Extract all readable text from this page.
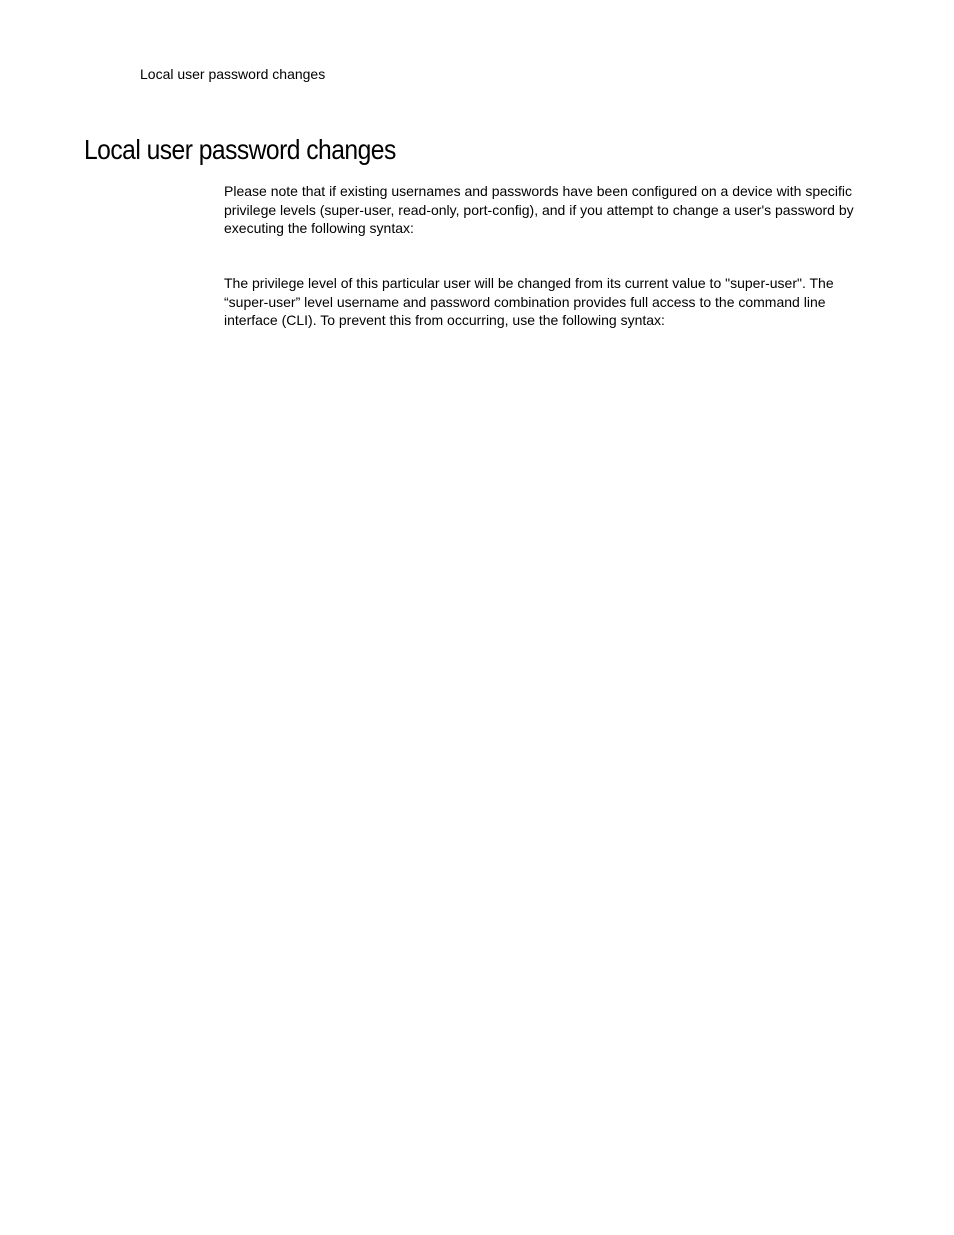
Local user password changes
Local user password changes

Please note that if existing usernames and passwords have been configured on a device with specific privilege levels (super-user, read-only, port-config), and if you attempt to change a user's password by executing the following syntax:

The privilege level of this particular user will be changed from its current value to "super-user". The “super-user” level username and password combination provides full access to the command line interface (CLI). To prevent this from occurring, use the following syntax:
